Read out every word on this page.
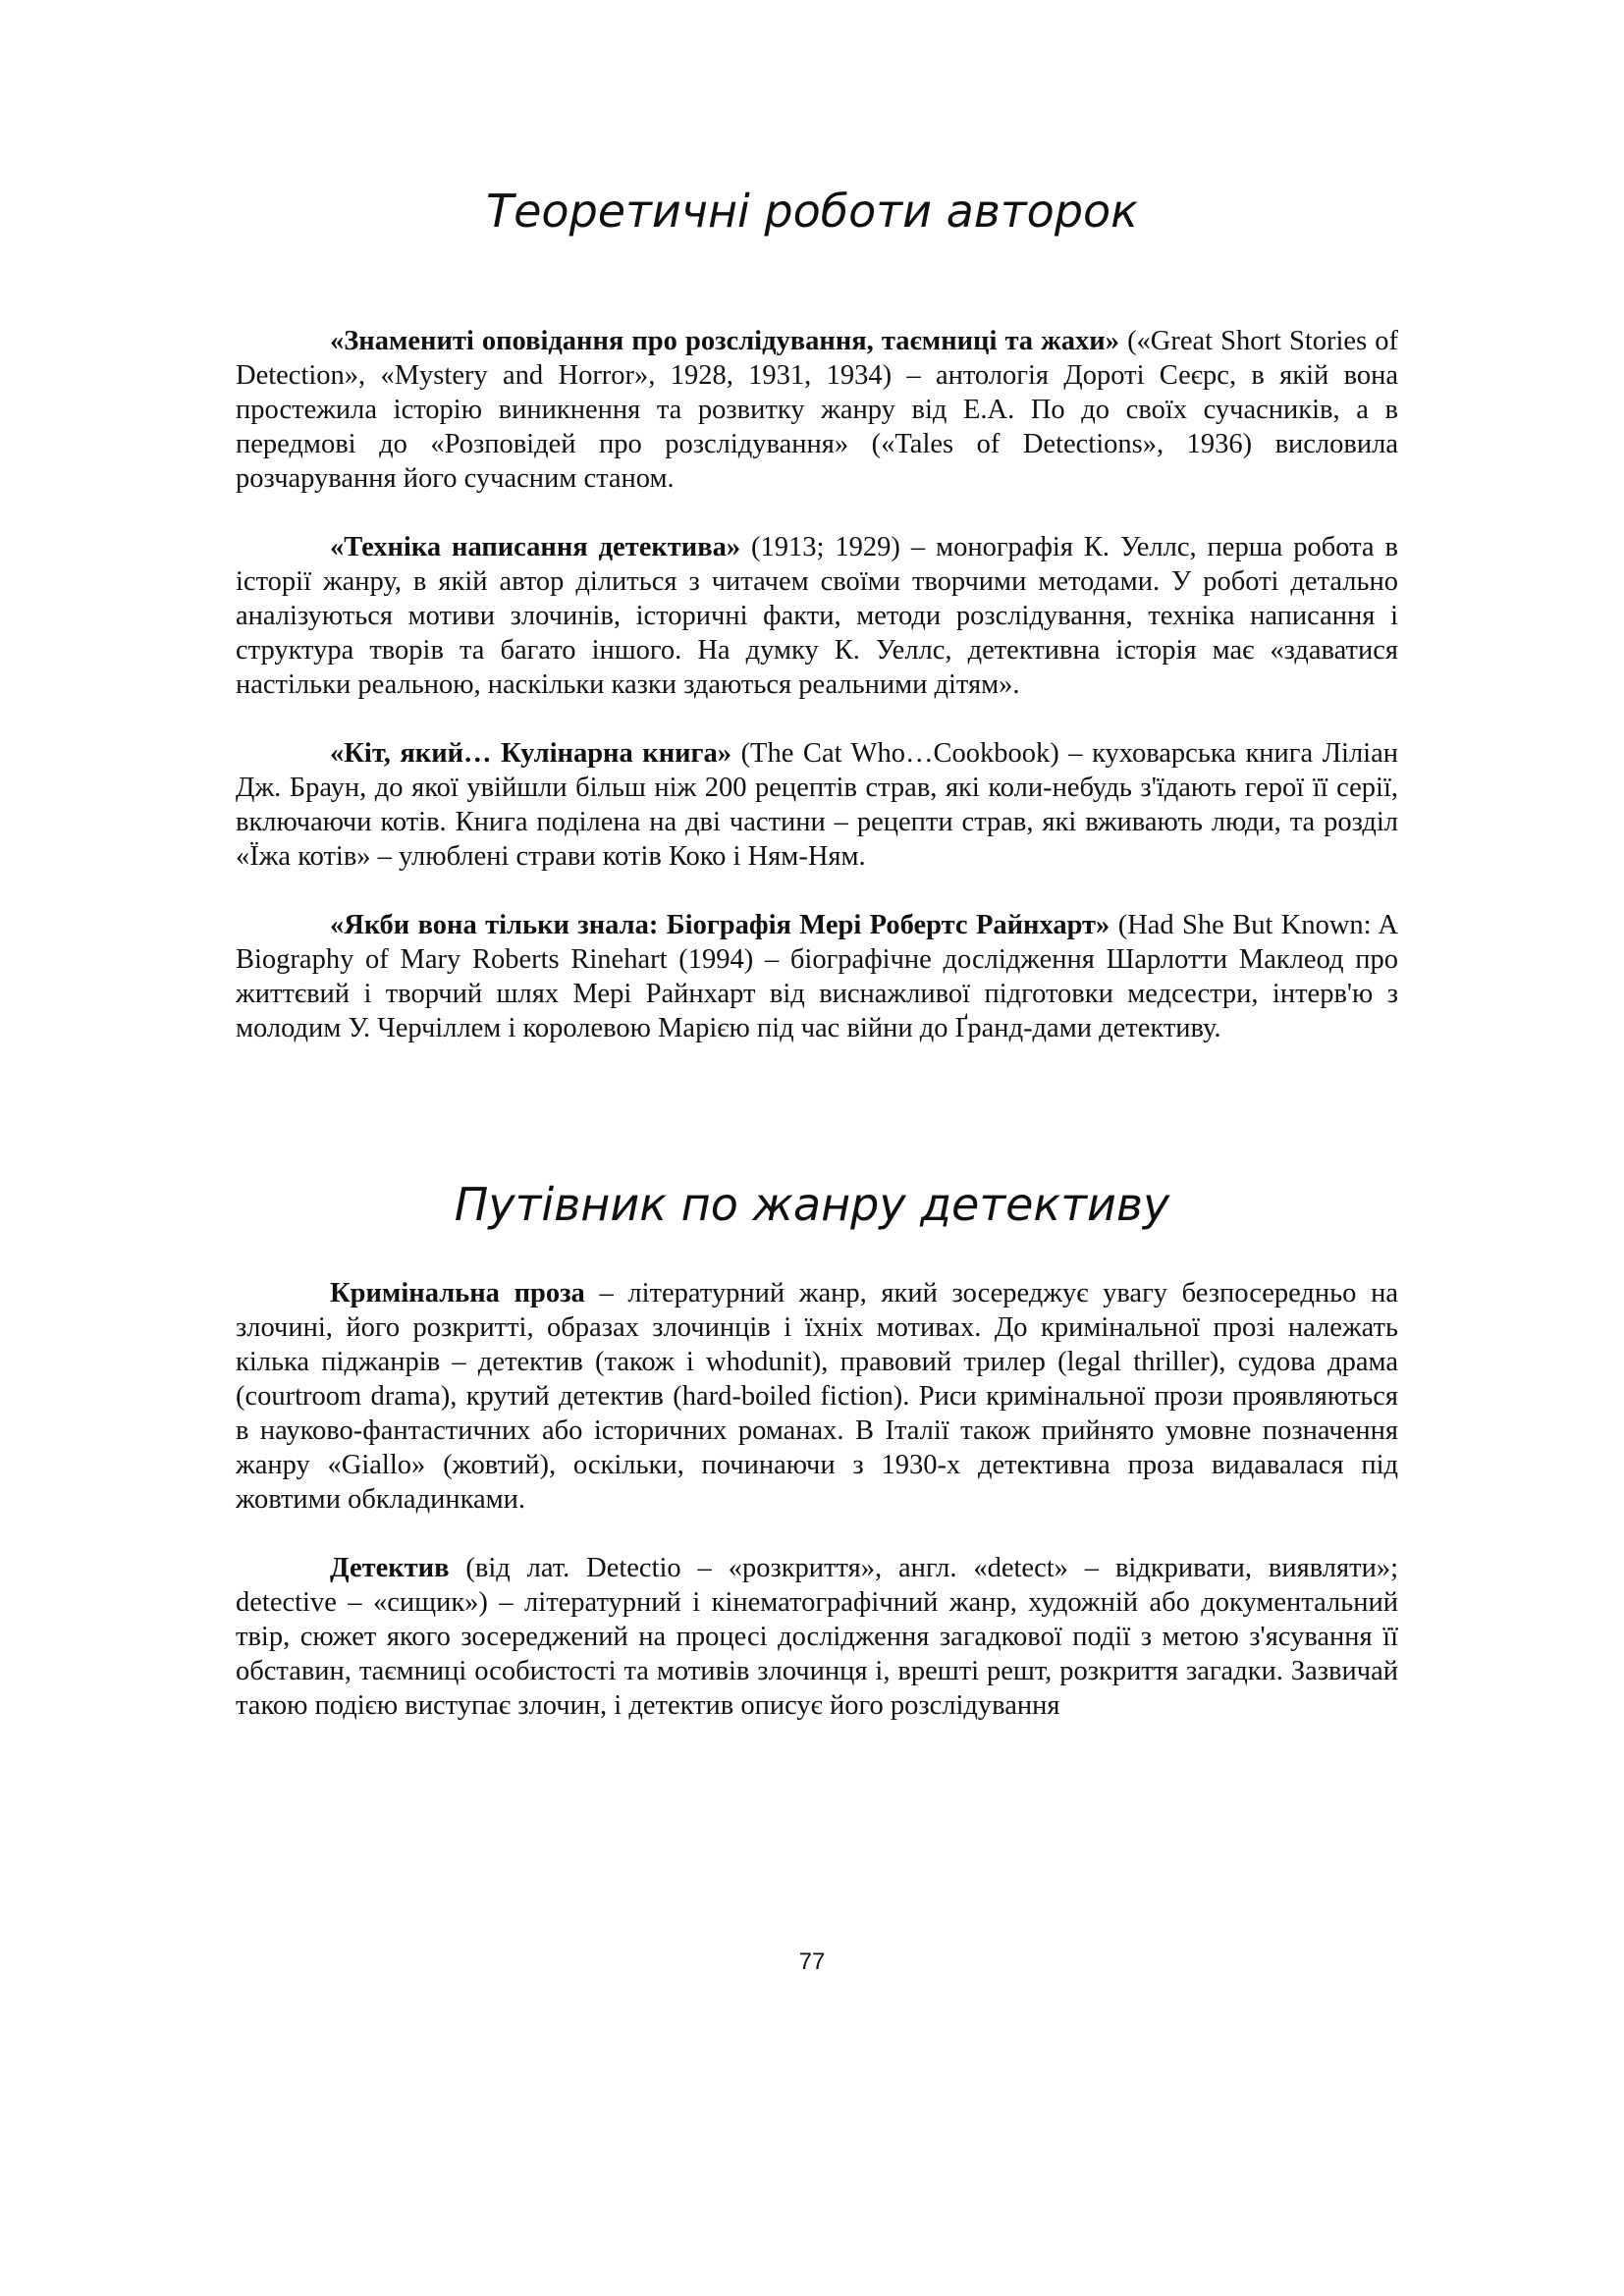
Теоретичні роботи авторок

«Знамениті оповідання про розслідування, таємниці та жахи» («Great Short Stories of Detection», «Mystery and Horror», 1928, 1931, 1934) – антологія Дороті Сеєрс, в якій вона простежила історію виникнення та розвитку жанру від Е.А. По до своїх сучасників, а в передмові до «Розповідей про розслідування» («Tales of Detections», 1936) висловила розчарування його сучасним станом.

«Техніка написання детектива» (1913; 1929) – монографія К. Уеллс, перша робота в історії жанру, в якій автор ділиться з читачем своїми творчими методами. У роботі детально аналізуються мотиви злочинів, історичні факти, методи розслідування, техніка написання і структура творів та багато іншого. На думку К. Уеллс, детективна історія має «здаватися настільки реальною, наскільки казки здаються реальними дітям».

«Кіт, який… Кулінарна книга» (The Cat Who…Cookbook) – куховарська книга Ліліан Дж. Браун, до якої увійшли більш ніж 200 рецептів страв, які коли-небудь з'їдають герої її серії, включаючи котів. Книга поділена на дві частини – рецепти страв, які вживають люди, та розділ «Їжа котів» – улюблені страви котів Коко і Ням-Ням.

«Якби вона тільки знала: Біографія Мері Робертс Райнхарт» (Had She But Known: A Biography of Mary Roberts Rinehart (1994) – біографічне дослідження Шарлотти Маклеод про життєвий і творчий шлях Мері Райнхарт від виснажливої підготовки медсестри, інтерв'ю з молодим У. Черчіллем і королевою Марією під час війни до Ґранд-дами детективу.

Путівник по жанру детективу

Кримінальна проза – літературний жанр, який зосереджує увагу безпосередньо на злочині, його розкритті, образах злочинців і їхніх мотивах. До кримінальної прозі належать кілька піджанрів – детектив (також і whodunit), правовий трилер (legal thriller), судова драма (courtroom drama), крутий детектив (hard-boiled fiction). Риси кримінальної прози проявляються в науково-фантастичних або історичних романах. В Італії також прийнято умовне позначення жанру «Giallo» (жовтий), оскільки, починаючи з 1930-х детективна проза видавалася під жовтими обкладинками.

Детектив (від лат. Detectio – «розкриття», англ. «detect» – відкривати, виявляти»; detective – «сищик») – літературний і кінематографічний жанр, художній або документальний твір, сюжет якого зосереджений на процесі дослідження загадкової події з метою з'ясування її обставин, таємниці особистості та мотивів злочинця і, врешті решт, розкриття загадки. Зазвичай такою подією виступає злочин, і детектив описує його розслідування

77
